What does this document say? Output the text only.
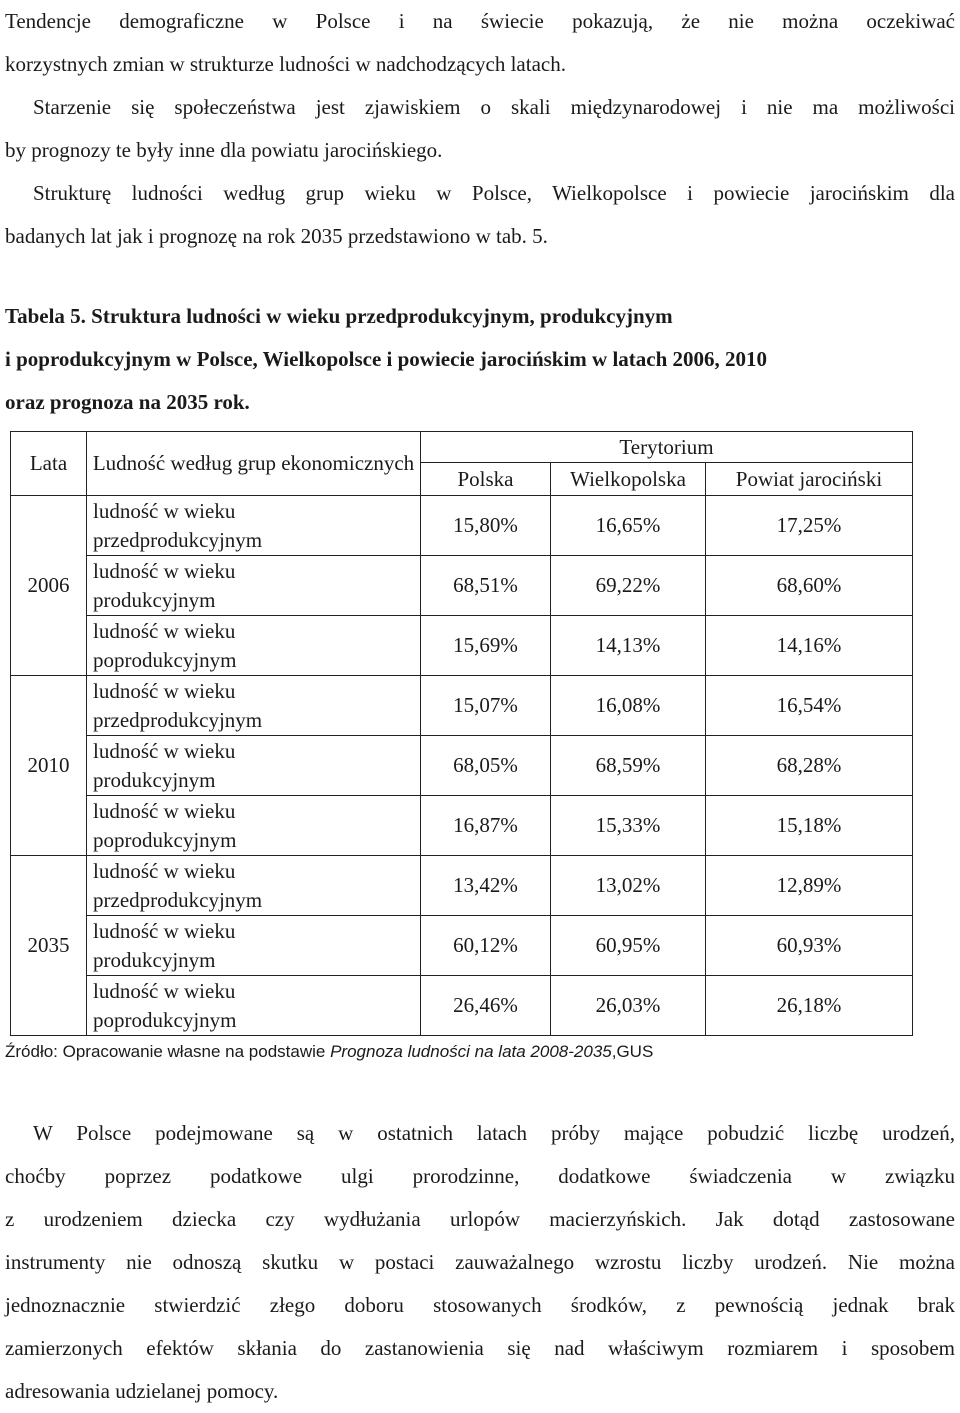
Tendencje demograficzne w Polsce i na świecie pokazują, że nie można oczekiwać
korzystnych zmian w strukturze ludności w nadchodzących latach.
Starzenie się społeczeństwa jest zjawiskiem o skali międzynarodowej i nie ma możliwości
by prognozy te były inne dla powiatu jarocińskiego.
Strukturę ludności według grup wieku w Polsce, Wielkopolsce i powiecie jarocińskim dla
badanych lat jak i prognozę na rok 2035 przedstawiono w tab. 5.
Tabela 5. Struktura ludności w wieku przedprodukcyjnym, produkcyjnym
i poprodukcyjnym w Polsce, Wielkopolsce i powiecie jarocińskim w latach 2006, 2010
oraz prognoza na 2035 rok.
Lata	Ludność według grup ekonomicznych	Terytorium		
		Polska	Wielkopolska	Powiat jarociński
2006	ludność w wieku
przedprodukcyjnym	15,80%	16,65%	17,25%

	ludność w wieku
produkcyjnym	68,51%	69,22%	68,60%

	ludność w wieku
poprodukcyjnym	15,69%	14,13%	14,16%
2010	ludność w wieku
przedprodukcyjnym	15,07%	16,08%	16,54%

	ludność w wieku
produkcyjnym	68,05%	68,59%	68,28%

	ludność w wieku
poprodukcyjnym	16,87%	15,33%	15,18%
2035	ludność w wieku
przedprodukcyjnym	13,42%	13,02%	12,89%

	ludność w wieku
produkcyjnym	60,12%	60,95%	60,93%

	ludność w wieku
poprodukcyjnym	26,46%	26,03%	26,18%
Źródło: Opracowanie własne na podstawie Prognoza ludności na lata 2008-2035,GUS
W Polsce podejmowane są w ostatnich latach próby mające pobudzić liczbę urodzeń,
choćby poprzez podatkowe ulgi prorodzinne, dodatkowe świadczenia w związku
z urodzeniem dziecka czy wydłużania urlopów macierzyńskich. Jak dotąd zastosowane
instrumenty nie odnoszą skutku w postaci zauważalnego wzrostu liczby urodzeń. Nie można
jednoznacznie stwierdzić złego doboru stosowanych środków, z pewnością jednak brak
zamierzonych efektów skłania do zastanowienia się nad właściwym rozmiarem i sposobem
adresowania udzielanej pomocy.
